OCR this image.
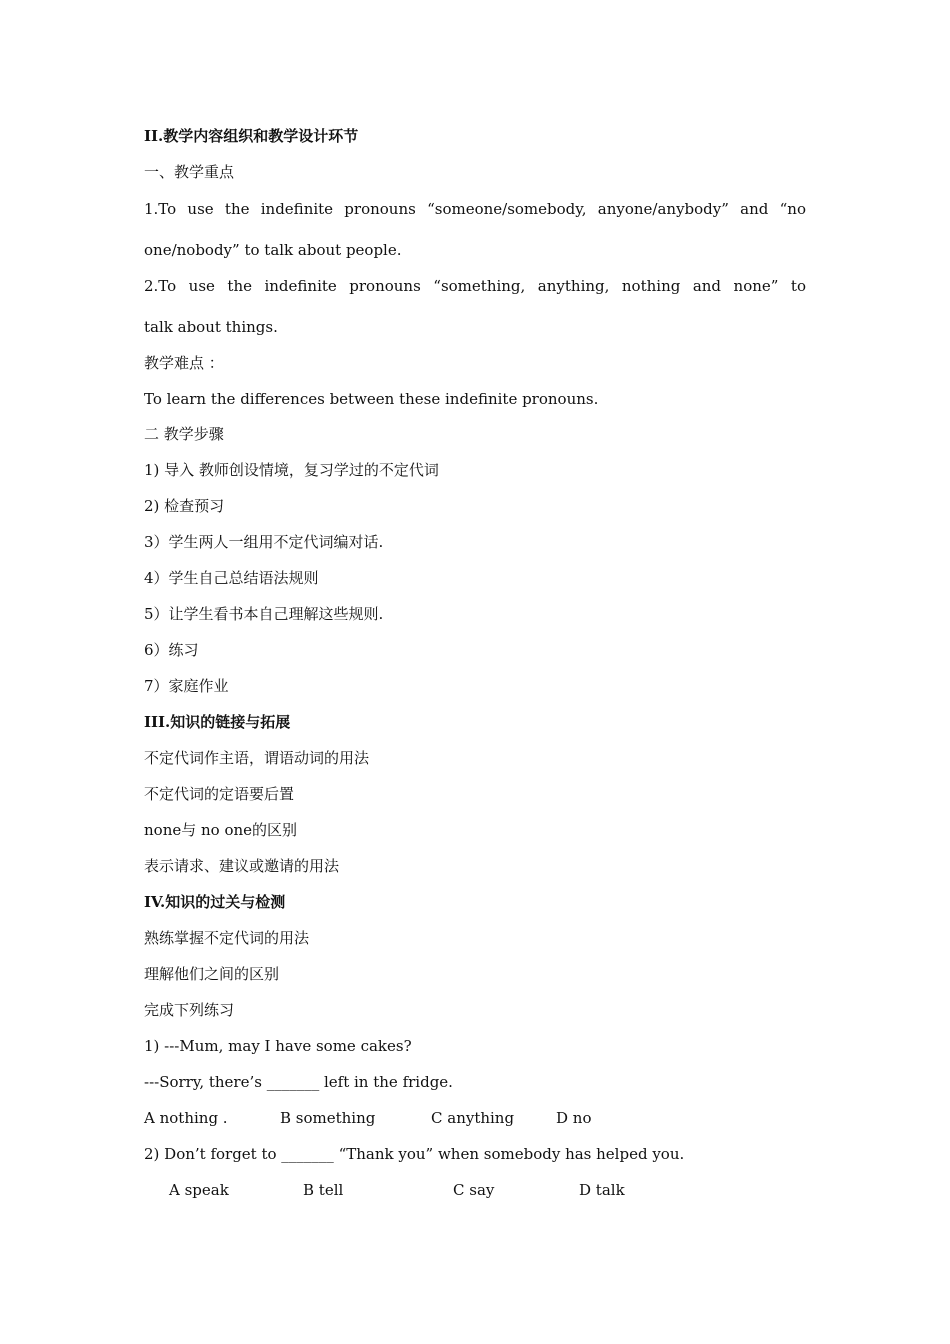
II.教学内容组织和教学设计环节
一、教学重点
1.To use the indefinite pronouns “someone/somebody, anyone/anybody” and “no
one/nobody” to talk about people.
2.To use the indefinite pronouns “something, anything, nothing and none” to
talk about things.
教学难点 ：
To learn the differences between these indefinite pronouns.
二 教学步骤
1) 导入 教师创设情境，复习学过的不定代词
2) 检查预习
3）学生两人一组用不定代词编对话.
4）学生自己总结语法规则
5）让学生看书本自己理解这些规则.
6）练习
7）家庭作业
III.知识的链接与拓展
不定代词作主语，谓语动词的用法
不定代词的定语要后置
none与 no one的区别
表示请求、建议或邀请的用法
IV.知识的过关与检测
熟练掌握不定代词的用法
理解他们之间的区别
完成下列练习
1) ---Mum, may I have some cakes?
---Sorry, there’s _______ left in the fridge.
A nothing .	B something	C anything	D no
2) Don’t forget to _______ “Thank you” when somebody has helped you.
A speak	B tell	C say	D talk
